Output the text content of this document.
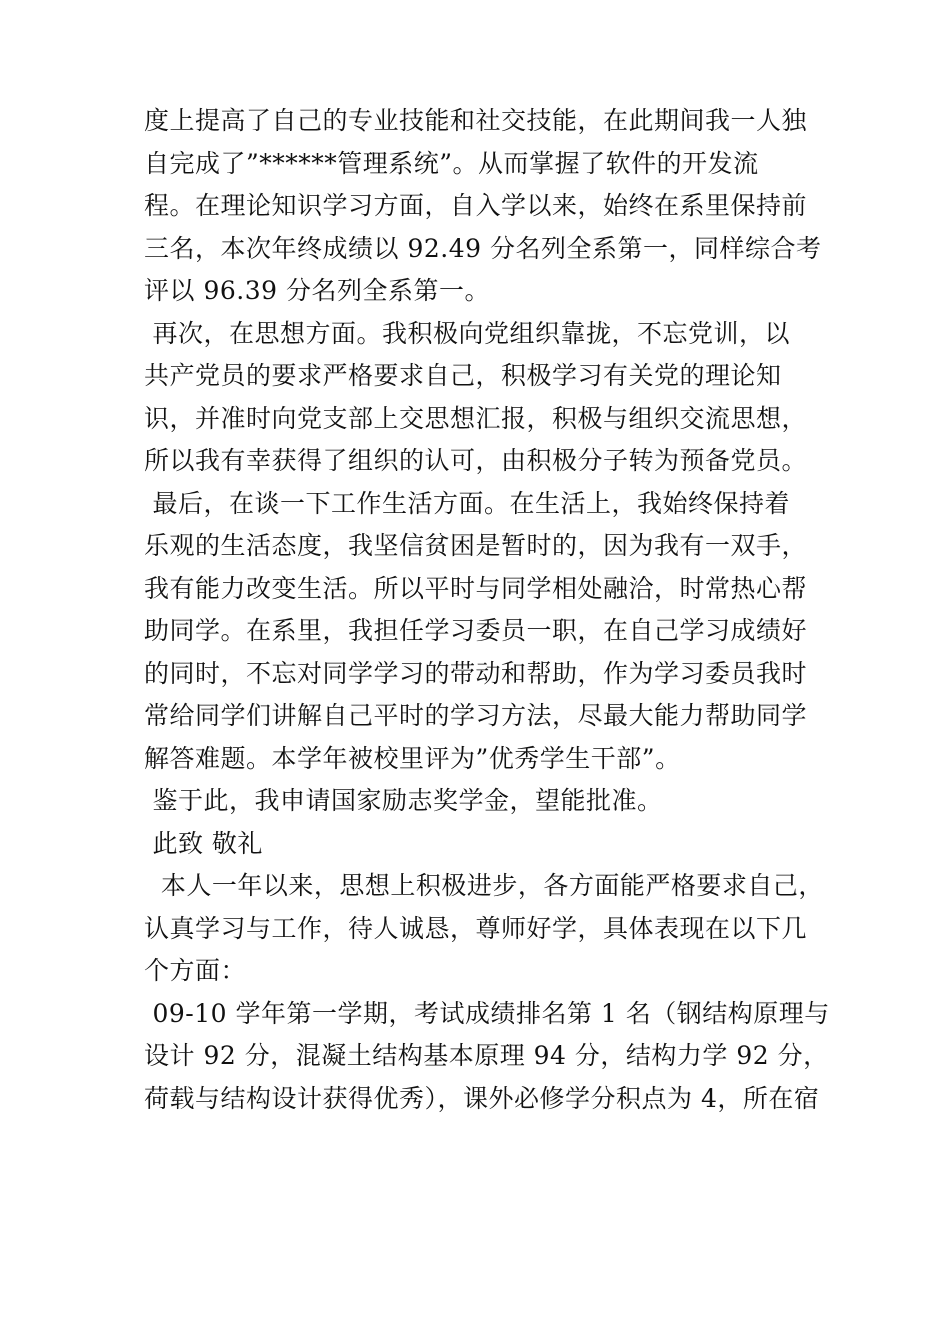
度上提高了自己的专业技能和社交技能，在此期间我一人独
自完成了”******管理系统”。从而掌握了软件的开发流
程。在理论知识学习方面，自入学以来，始终在系里保持前
三名，本次年终成绩以 92.49 分名列全系第一，同样综合考
评以 96.39 分名列全系第一。
再次，在思想方面。我积极向党组织靠拢，不忘党训，以
共产党员的要求严格要求自己，积极学习有关党的理论知
识，并准时向党支部上交思想汇报，积极与组织交流思想，
所以我有幸获得了组织的认可，由积极分子转为预备党员。
最后，在谈一下工作生活方面。在生活上，我始终保持着
乐观的生活态度，我坚信贫困是暂时的，因为我有一双手，
我有能力改变生活。所以平时与同学相处融洽，时常热心帮
助同学。在系里，我担任学习委员一职，在自己学习成绩好
的同时，不忘对同学学习的带动和帮助，作为学习委员我时
常给同学们讲解自己平时的学习方法，尽最大能力帮助同学
解答难题。本学年被校里评为”优秀学生干部”。
鉴于此，我申请国家励志奖学金，望能批准。
此致 敬礼
本人一年以来，思想上积极进步，各方面能严格要求自己，
认真学习与工作，待人诚恳，尊师好学，具体表现在以下几
个方面：
09-10 学年第一学期，考试成绩排名第 1 名（钢结构原理与
设计 92 分，混凝土结构基本原理 94 分，结构力学 92 分，
荷载与结构设计获得优秀），课外必修学分积点为 4，所在宿
